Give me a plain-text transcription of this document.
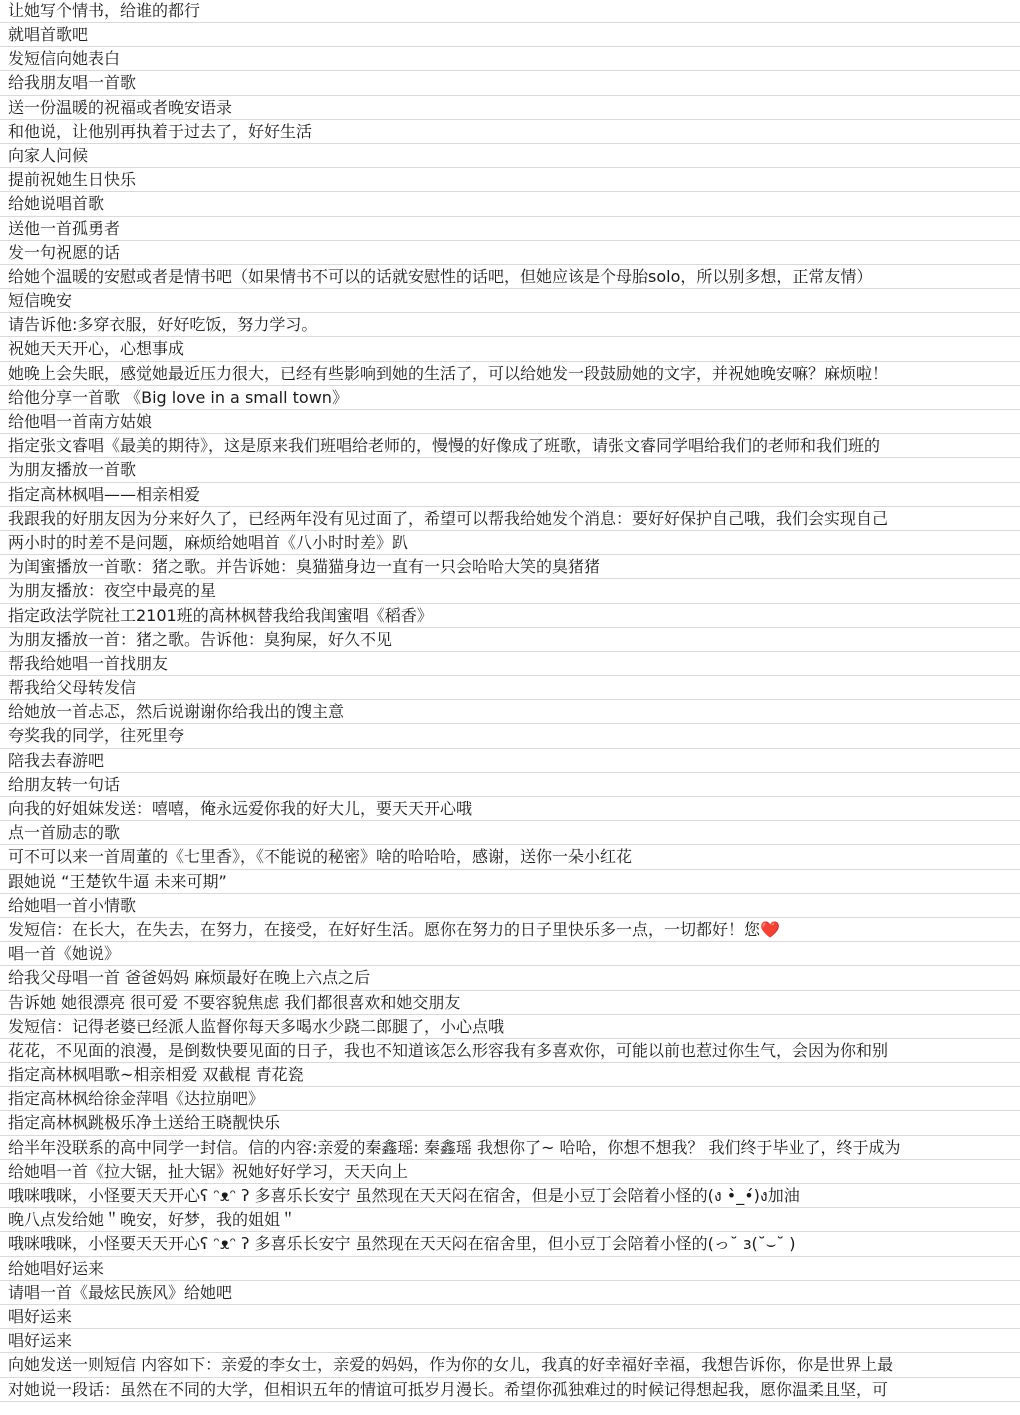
让她写个情书，给谁的都行
就唱首歌吧
发短信向她表白
给我朋友唱一首歌
送一份温暖的祝福或者晚安语录
和他说，让他别再执着于过去了，好好生活
向家人问候
提前祝她生日快乐
给她说唱首歌
送他一首孤勇者
发一句祝愿的话
给她个温暖的安慰或者是情书吧（如果情书不可以的话就安慰性的话吧，但她应该是个母胎solo，所以别多想，正常友情）
短信晚安
请告诉他:多穿衣服，好好吃饭，努力学习。
祝她天天开心，心想事成
她晚上会失眠，感觉她最近压力很大，已经有些影响到她的生活了，可以给她发一段鼓励她的文字，并祝她晚安嘛？麻烦啦！
给他分享一首歌 《Big love in a small town》
给他唱一首南方姑娘
指定张文睿唱《最美的期待》，这是原来我们班唱给老师的，慢慢的好像成了班歌，请张文睿同学唱给我们的老师和我们班的
为朋友播放一首歌
指定高林枫唱——相亲相爱
我跟我的好朋友因为分来好久了，已经两年没有见过面了，希望可以帮我给她发个消息：要好好保护自己哦，我们会实现自己
两小时的时差不是问题，麻烦给她唱首《八小时时差》趴
为闺蜜播放一首歌：猪之歌。并告诉她：臭猫猫身边一直有一只会哈哈大笑的臭猪猪
为朋友播放：夜空中最亮的星
指定政法学院社工2101班的高林枫替我给我闺蜜唱《稻香》
为朋友播放一首：猪之歌。告诉他：臭狗屎，好久不见
帮我给她唱一首找朋友
帮我给父母转发信
给她放一首忐忑，然后说谢谢你给我出的馊主意
夸奖我的同学，往死里夸
陪我去春游吧
给朋友转一句话
向我的好姐妹发送：嘻嘻，俺永远爱你我的好大儿，要天天开心哦
点一首励志的歌
可不可以来一首周董的《七里香》，《不能说的秘密》啥的哈哈哈，感谢，送你一朵小红花
跟她说 “王楚钦牛逼 未来可期”
给她唱一首小情歌
发短信：在长大，在失去，在努力，在接受，在好好生活。愿你在努力的日子里快乐多一点，一切都好！您❤️
唱一首《她说》
给我父母唱一首 爸爸妈妈 麻烦最好在晚上六点之后
告诉她 她很漂亮 很可爱 不要容貌焦虑 我们都很喜欢和她交朋友
发短信：记得老婆已经派人监督你每天多喝水少跷二郎腿了，小心点哦
花花，不见面的浪漫，是倒数快要见面的日子，我也不知道该怎么形容我有多喜欢你，可能以前也惹过你生气，会因为你和别
指定高林枫唱歌~相亲相爱 双截棍 青花瓷
指定高林枫给徐金萍唱《达拉崩吧》
指定高林枫跳极乐净土送给王晓靓快乐
给半年没联系的高中同学一封信。信的内容:亲爱的秦鑫瑶: 秦鑫瑶 我想你了~ 哈哈，你想不想我？ 我们终于毕业了，终于成为
给她唱一首《拉大锯，扯大锯》祝她好好学习，天天向上
哦咪哦咪，小怪要天天开心ʕ ᵔᴥᵔ ʔ 多喜乐长安宁 虽然现在天天闷在宿舍，但是小豆丁会陪着小怪的(ง •̀_•́)ง加油
晚八点发给她＂晚安，好梦，我的姐姐＂
哦咪哦咪，小怪要天天开心ʕ ᵔᴥᵔ ʔ 多喜乐长安宁 虽然现在天天闷在宿舍里，但小豆丁会陪着小怪的(っ˘ з(˘⌣˘ )
给她唱好运来
请唱一首《最炫民族风》给她吧
唱好运来
唱好运来
向她发送一则短信 内容如下：亲爱的李女士，亲爱的妈妈，作为你的女儿，我真的好幸福好幸福，我想告诉你，你是世界上最
对她说一段话：虽然在不同的大学，但相识五年的情谊可抵岁月漫长。希望你孤独难过的时候记得想起我，愿你温柔且坚，可
